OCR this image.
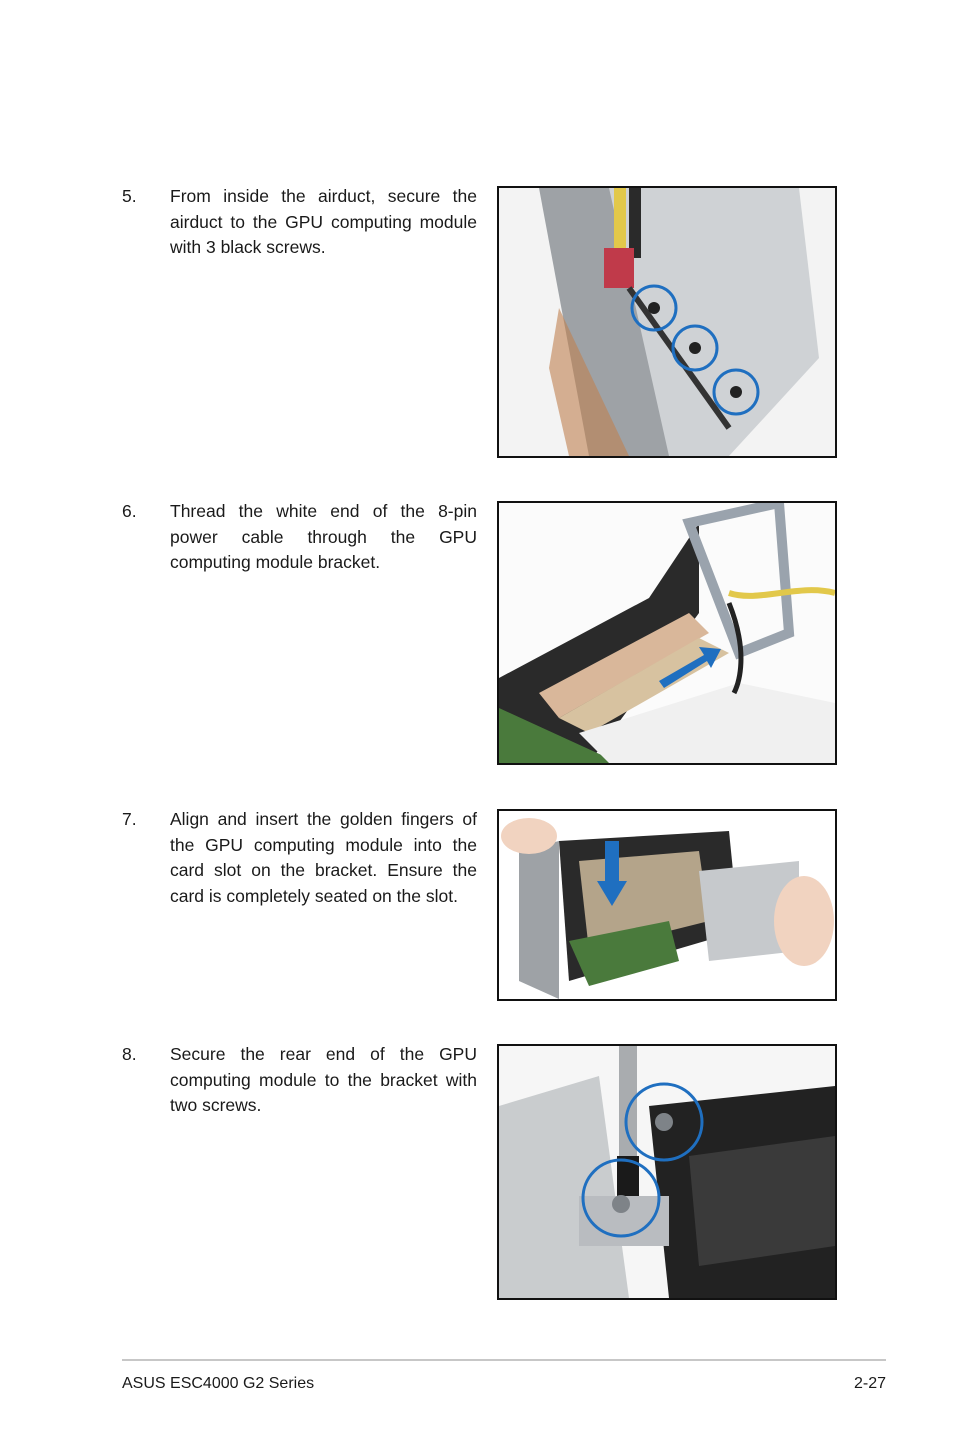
5. From inside the airduct, secure the airduct to the GPU computing module with 3 black screws.
6. Thread the white end of the 8-pin power cable through the GPU computing module bracket.
7. Align and insert the golden fingers of the GPU computing module into the card slot on the bracket. Ensure the card is completely seated on the slot.
8. Secure the rear end of the GPU computing module to the bracket with two screws.
ASUS ESC4000 G2 Series	2-27
